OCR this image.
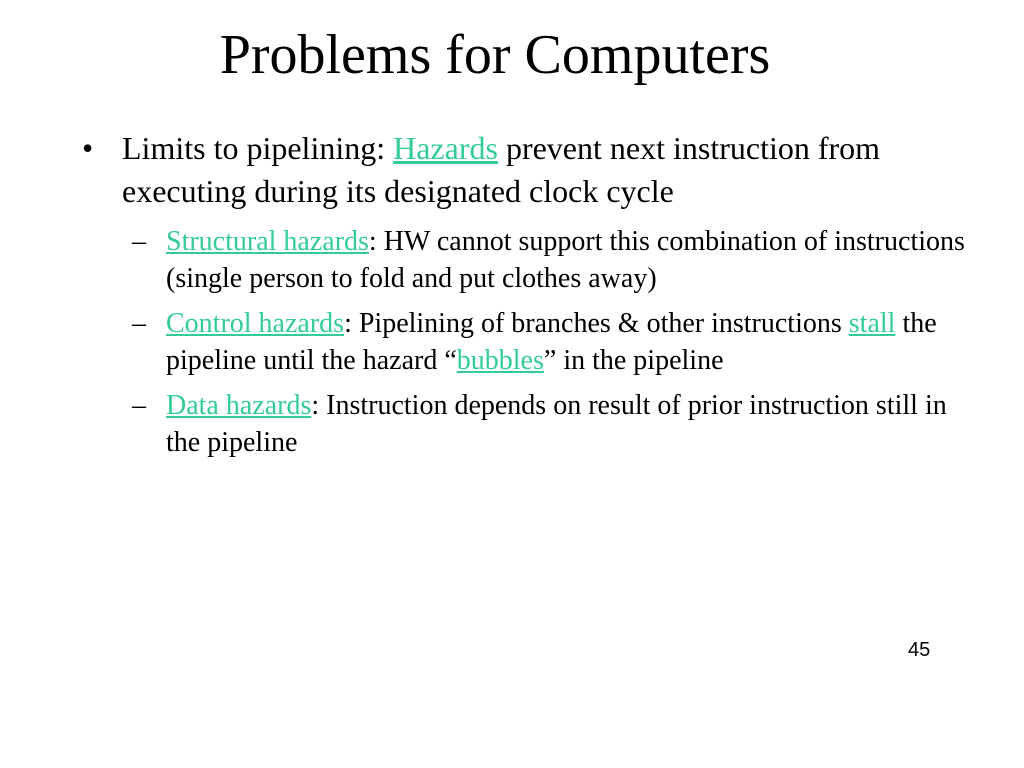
Problems for Computers
• Limits to pipelining: Hazards prevent next instruction from executing during its designated clock cycle
– Structural hazards: HW cannot support this combination of instructions (single person to fold and put clothes away)
– Control hazards: Pipelining of branches & other instructions stall the pipeline until the hazard “bubbles” in the pipeline
– Data hazards: Instruction depends on result of prior instruction still in the pipeline
45
